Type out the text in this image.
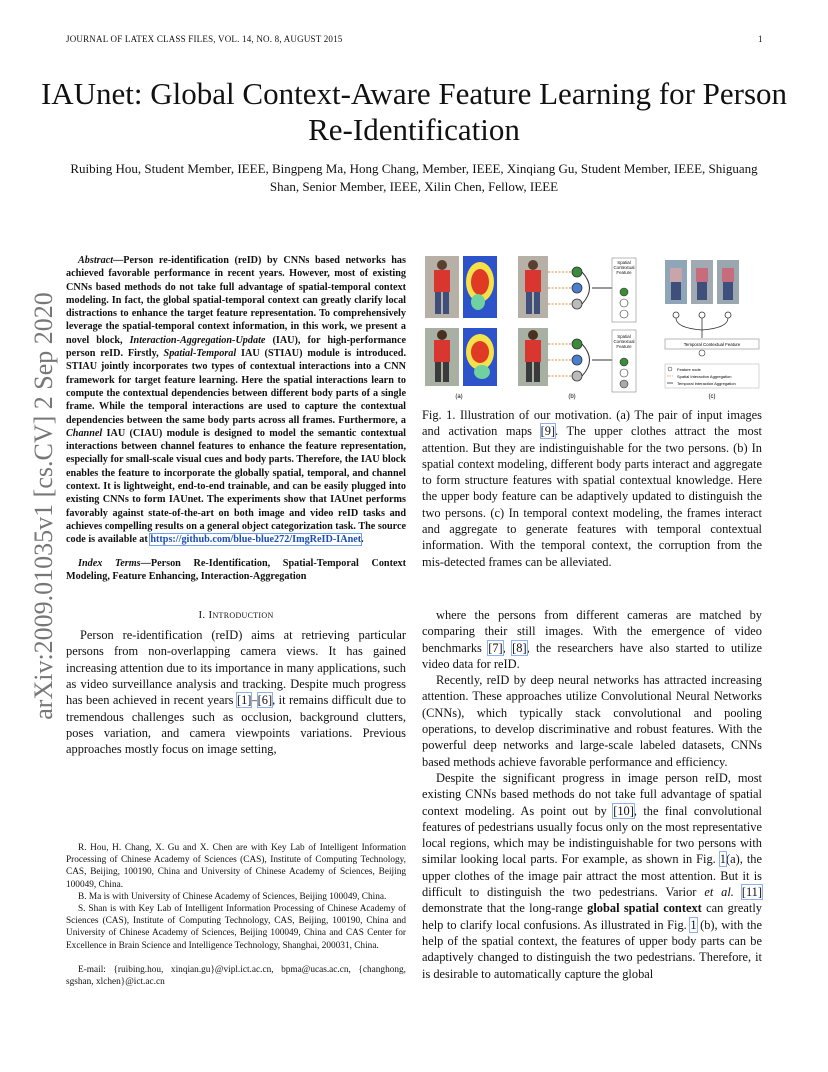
JOURNAL OF LATEX CLASS FILES, VOL. 14, NO. 8, AUGUST 2015	1
IAUnet: Global Context-Aware Feature Learning for Person Re-Identification
Ruibing Hou, Student Member, IEEE, Bingpeng Ma, Hong Chang, Member, IEEE, Xinqiang Gu, Student Member, IEEE, Shiguang Shan, Senior Member, IEEE, Xilin Chen, Fellow, IEEE
arXiv:2009.01035v1 [cs.CV] 2 Sep 2020

Abstract—Person re-identification (reID) by CNNs based networks has achieved favorable performance in recent years. However, most of existing CNNs based methods do not take full advantage of spatial-temporal context modeling. In fact, the global spatial-temporal context can greatly clarify local distractions to enhance the target feature representation. To comprehensively leverage the spatial-temporal context information, in this work, we present a novel block, Interaction-Aggregation-Update (IAU), for high-performance person reID. Firstly, Spatial-Temporal IAU (STIAU) module is introduced. STIAU jointly incorporates two types of contextual interactions into a CNN framework for target feature learning. Here the spatial interactions learn to compute the contextual dependencies between different body parts of a single frame. While the temporal interactions are used to capture the contextual dependencies between the same body parts across all frames. Furthermore, a Channel IAU (CIAU) module is designed to model the semantic contextual interactions between channel features to enhance the feature representation, especially for small-scale visual cues and body parts. Therefore, the IAU block enables the feature to incorporate the globally spatial, temporal, and channel context. It is lightweight, end-to-end trainable, and can be easily plugged into existing CNNs to form IAUnet. The experiments show that IAUnet performs favorably against state-of-the-art on both image and video reID tasks and achieves compelling results on a general object categorization task. The source code is available at https://github.com/blue-blue272/ImgReID-IAnet.

Index Terms—Person Re-Identification, Spatial-Temporal Context Modeling, Feature Enhancing, Interaction-Aggregation

I. Introduction

Person re-identification (reID) aims at retrieving particular persons from non-overlapping camera views. It has gained increasing attention due to its importance in many applications, such as video surveillance analysis and tracking. Despite much progress has been achieved in recent years [1]–[6], it remains difficult due to tremendous challenges such as occlusion, background clutters, poses variation, and camera viewpoints variations. Previous approaches mostly focus on image setting,

R. Hou, H. Chang, X. Gu and X. Chen are with Key Lab of Intelligent Information Processing of Chinese Academy of Sciences (CAS), Institute of Computing Technology, CAS, Beijing, 100190, China and University of Chinese Academy of Sciences, Beijing 100049, China.

B. Ma is with University of Chinese Academy of Sciences, Beijing 100049, China.

S. Shan is with Key Lab of Intelligent Information Processing of Chinese Academy of Sciences (CAS), Institute of Computing Technology, CAS, Beijing, 100190, China and University of Chinese Academy of Sciences, Beijing 100049, China and CAS Center for Excellence in Brain Science and Intelligence Technology, Shanghai, 200031, China.

E-mail: {ruibing.hou, xinqian.gu}@vipl.ict.ac.cn, bpma@ucas.ac.cn, {changhong, sgshan, xlchen}@ict.ac.cn

(a)
Spatial Contextual Feature
Spatial Contextual Feature
(b)
Temporal Contextual Feature
Feature node
Spatial Interaction Aggregation
Temporal Interaction Aggregation
(c)
Fig. 1. Illustration of our motivation. (a) The pair of input images and activation maps [9]. The upper clothes attract the most attention. But they are indistinguishable for the two persons. (b) In spatial context modeling, different body parts interact and aggregate to form structure features with spatial contextual knowledge. Here the upper body feature can be adaptively updated to distinguish the two persons. (c) In temporal context modeling, the frames interact and aggregate to generate features with temporal contextual information. With the temporal context, the corruption from the mis-detected frames can be alleviated.

where the persons from different cameras are matched by comparing their still images. With the emergence of video benchmarks [7], [8], the researchers have also started to utilize video data for reID.

Recently, reID by deep neural networks has attracted increasing attention. These approaches utilize Convolutional Neural Networks (CNNs), which typically stack convolutional and pooling operations, to develop discriminative and robust features. With the powerful deep networks and large-scale labeled datasets, CNNs based methods achieve favorable performance and efficiency.

Despite the significant progress in image person reID, most existing CNNs based methods do not take full advantage of spatial context modeling. As point out by [10], the final convolutional features of pedestrians usually focus only on the most representative local regions, which may be indistinguishable for two persons with similar looking local parts. For example, as shown in Fig. 1(a), the upper clothes of the image pair attract the most attention. But it is difficult to distinguish the two pedestrians. Varior et al. [11] demonstrate that the long-range global spatial context can greatly help to clarify local confusions. As illustrated in Fig. 1 (b), with the help of the spatial context, the features of upper body parts can be adaptively changed to distinguish the two pedestrians. Therefore, it is desirable to automatically capture the global
